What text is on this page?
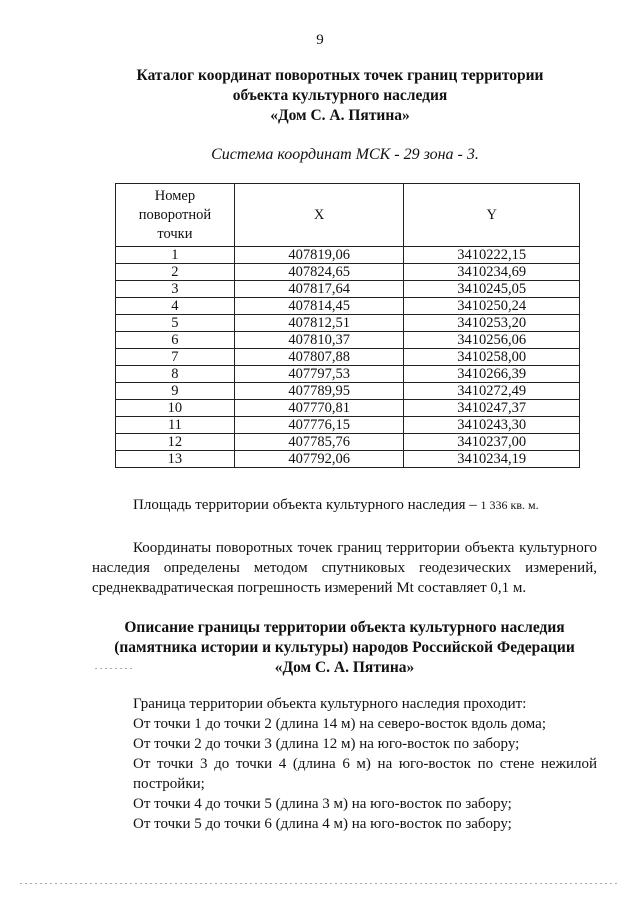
9
Каталог координат поворотных точек границ территории
объекта культурного наследия
«Дом С. А. Пятина»
Система координат МСК - 29 зона - 3.
Номер поворотной точки	X	Y
1	407819,06	3410222,15
2	407824,65	3410234,69
3	407817,64	3410245,05
4	407814,45	3410250,24
5	407812,51	3410253,20
6	407810,37	3410256,06
7	407807,88	3410258,00
8	407797,53	3410266,39
9	407789,95	3410272,49
10	407770,81	3410247,37
11	407776,15	3410243,30
12	407785,76	3410237,00
13	407792,06	3410234,19
Площадь территории объекта культурного наследия – 1 336 кв. м.
Координаты поворотных точек границ территории объекта культурного наследия определены методом спутниковых геодезических измерений, среднеквадратическая погрешность измерений Mt составляет 0,1 м.
Описание границы территории объекта культурного наследия
(памятника истории и культуры) народов Российской Федерации
«Дом С. А. Пятина»
Граница территории объекта культурного наследия проходит:
От точки 1 до точки 2 (длина 14 м) на северо-восток вдоль дома;
От точки 2 до точки 3 (длина 12 м) на юго-восток по забору;
От точки 3 до точки 4 (длина 6 м) на юго-восток по стене нежилой постройки;
От точки 4 до точки 5 (длина 3 м) на юго-восток по забору;
От точки 5 до точки 6 (длина 4 м) на юго-восток по забору;
